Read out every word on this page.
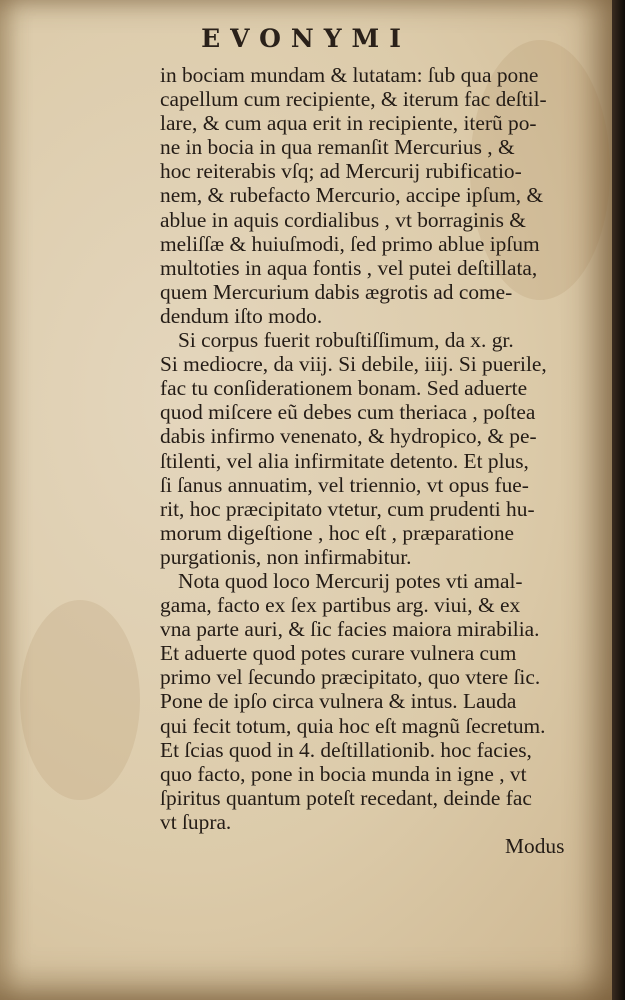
EVONYMI
in bociam mundam & lutatam: ſub qua pone
capellum cum recipiente, & iterum fac deſtil-
lare, & cum aqua erit in recipiente, iterũ po-
ne in bocia in qua remanſit Mercurius , &
hoc reiterabis vſq; ad Mercurij rubificatio-
nem, & rubefacto Mercurio, accipe ipſum, &
ablue in aquis cordialibus , vt borraginis &
meliſſæ & huiuſmodi, ſed primo ablue ipſum
multoties in aqua fontis , vel putei deſtillata,
quem Mercurium dabis ægrotis ad come-
dendum iſto modo.
Si corpus fuerit robuſtiſſimum, da x. gr.
Si mediocre, da viij. Si debile, iiij. Si puerile,
fac tu conſiderationem bonam. Sed aduerte
quod miſcere eũ debes cum theriaca , poſtea
dabis infirmo venenato, & hydropico, & pe-
ſtilenti, vel alia infirmitate detento. Et plus,
ſi ſanus annuatim, vel triennio, vt opus fue-
rit, hoc præcipitato vtetur, cum prudenti hu-
morum digeſtione , hoc eſt , præparatione
purgationis, non infirmabitur.
Nota quod loco Mercurij potes vti amal-
gama, facto ex ſex partibus arg. viui, & ex
vna parte auri, & ſic facies maiora mirabilia.
Et aduerte quod potes curare vulnera cum
primo vel ſecundo præcipitato, quo vtere ſic.
Pone de ipſo circa vulnera & intus. Lauda
qui fecit totum, quia hoc eſt magnũ ſecretum.
Et ſcias quod in 4. deſtillationib. hoc facies,
quo facto, pone in bocia munda in igne , vt
ſpiritus quantum poteſt recedant, deinde fac
vt ſupra.
Modus
